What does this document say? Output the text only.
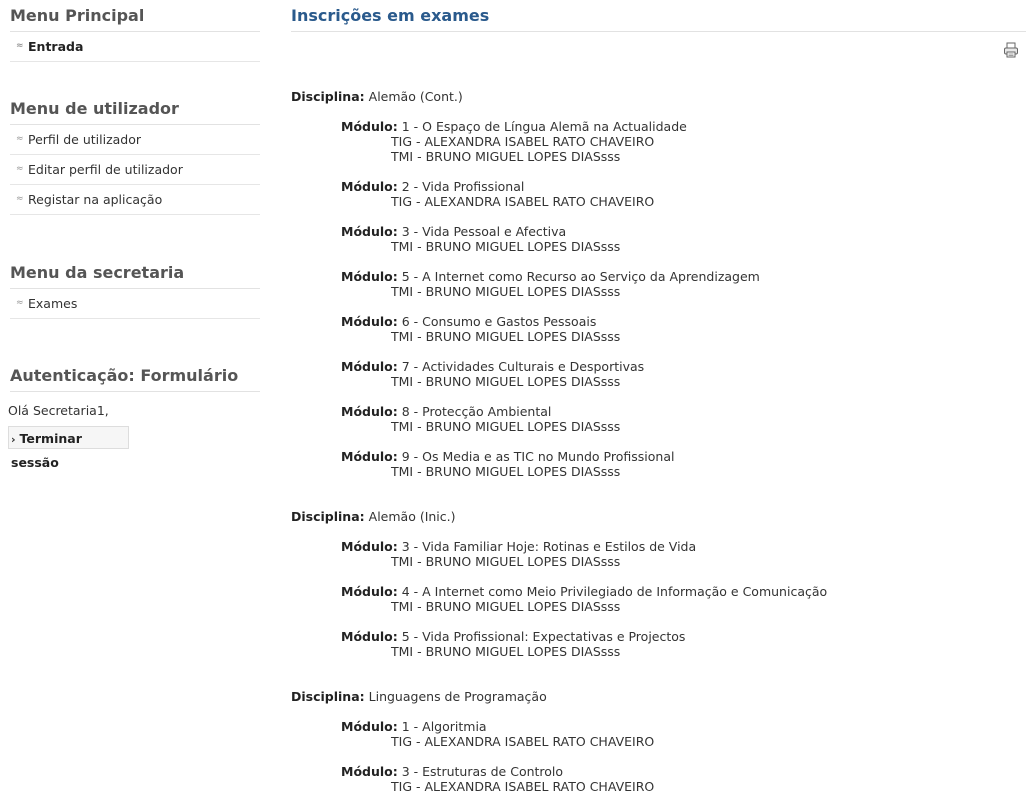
Menu Principal
≈ Entrada
Menu de utilizador
≈ Perfil de utilizador
≈ Editar perfil de utilizador
≈ Registar na aplicação
Menu da secretaria
≈ Exames
Autenticação: Formulário
Olá Secretaria1,
› Terminar sessão
Inscrições em exames
Disciplina: Alemão (Cont.)
Módulo: 1 - O Espaço de Língua Alemã na Actualidade
TIG - ALEXANDRA ISABEL RATO CHAVEIRO
TMI - BRUNO MIGUEL LOPES DIASsss
Módulo: 2 - Vida Profissional
TIG - ALEXANDRA ISABEL RATO CHAVEIRO
Módulo: 3 - Vida Pessoal e Afectiva
TMI - BRUNO MIGUEL LOPES DIASsss
Módulo: 5 - A Internet como Recurso ao Serviço da Aprendizagem
TMI - BRUNO MIGUEL LOPES DIASsss
Módulo: 6 - Consumo e Gastos Pessoais
TMI - BRUNO MIGUEL LOPES DIASsss
Módulo: 7 - Actividades Culturais e Desportivas
TMI - BRUNO MIGUEL LOPES DIASsss
Módulo: 8 - Protecção Ambiental
TMI - BRUNO MIGUEL LOPES DIASsss
Módulo: 9 - Os Media e as TIC no Mundo Profissional
TMI - BRUNO MIGUEL LOPES DIASsss
Disciplina: Alemão (Inic.)
Módulo: 3 - Vida Familiar Hoje: Rotinas e Estilos de Vida
TMI - BRUNO MIGUEL LOPES DIASsss
Módulo: 4 - A Internet como Meio Privilegiado de Informação e Comunicação
TMI - BRUNO MIGUEL LOPES DIASsss
Módulo: 5 - Vida Profissional: Expectativas e Projectos
TMI - BRUNO MIGUEL LOPES DIASsss
Disciplina: Linguagens de Programação
Módulo: 1 - Algoritmia
TIG - ALEXANDRA ISABEL RATO CHAVEIRO
Módulo: 3 - Estruturas de Controlo
TIG - ALEXANDRA ISABEL RATO CHAVEIRO
